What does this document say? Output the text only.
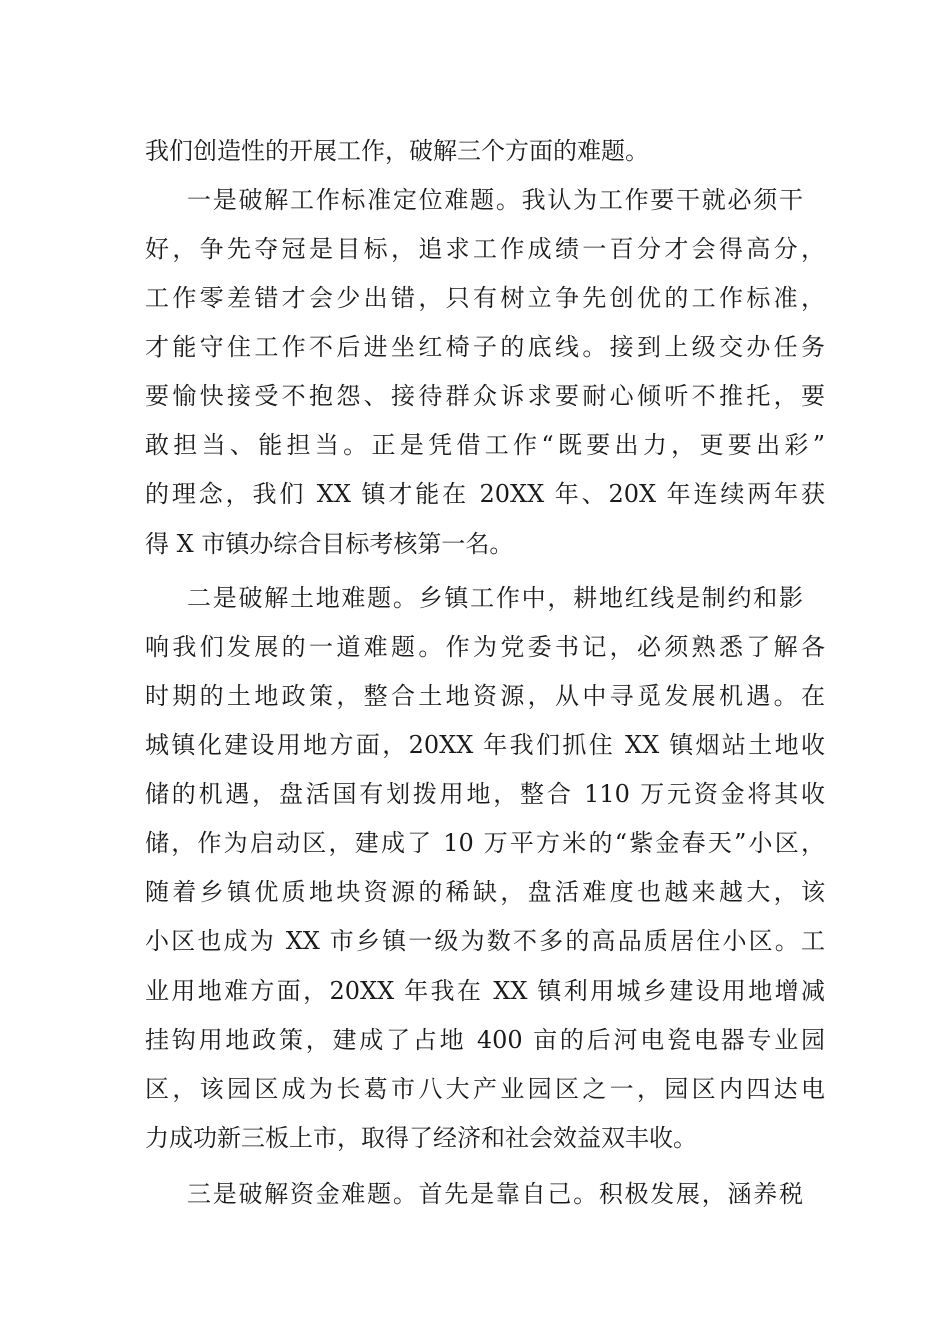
我们创造性的开展工作，破解三个方面的难题。
一是破解工作标准定位难题。我认为工作要干就必须干
好，争先夺冠是目标，追求工作成绩一百分才会得高分，
工作零差错才会少出错，只有树立争先创优的工作标准，
才能守住工作不后进坐红椅子的底线。接到上级交办任务
要愉快接受不抱怨、接待群众诉求要耐心倾听不推托，要
敢担当、能担当。正是凭借工作“既要出力，更要出彩”
的理念，我们 XX 镇才能在 20XX 年、20X 年连续两年获
得 X 市镇办综合目标考核第一名。
二是破解土地难题。乡镇工作中，耕地红线是制约和影
响我们发展的一道难题。作为党委书记，必须熟悉了解各
时期的土地政策，整合土地资源，从中寻觅发展机遇。在
城镇化建设用地方面，20XX 年我们抓住 XX 镇烟站土地收
储的机遇，盘活国有划拨用地，整合 110 万元资金将其收
储，作为启动区，建成了 10 万平方米的“紫金春天”小区，
随着乡镇优质地块资源的稀缺，盘活难度也越来越大，该
小区也成为 XX 市乡镇一级为数不多的高品质居住小区。工
业用地难方面，20XX 年我在 XX 镇利用城乡建设用地增减
挂钩用地政策，建成了占地 400 亩的后河电瓷电器专业园
区，该园区成为长葛市八大产业园区之一，园区内四达电
力成功新三板上市，取得了经济和社会效益双丰收。
三是破解资金难题。首先是靠自己。积极发展，涵养税
